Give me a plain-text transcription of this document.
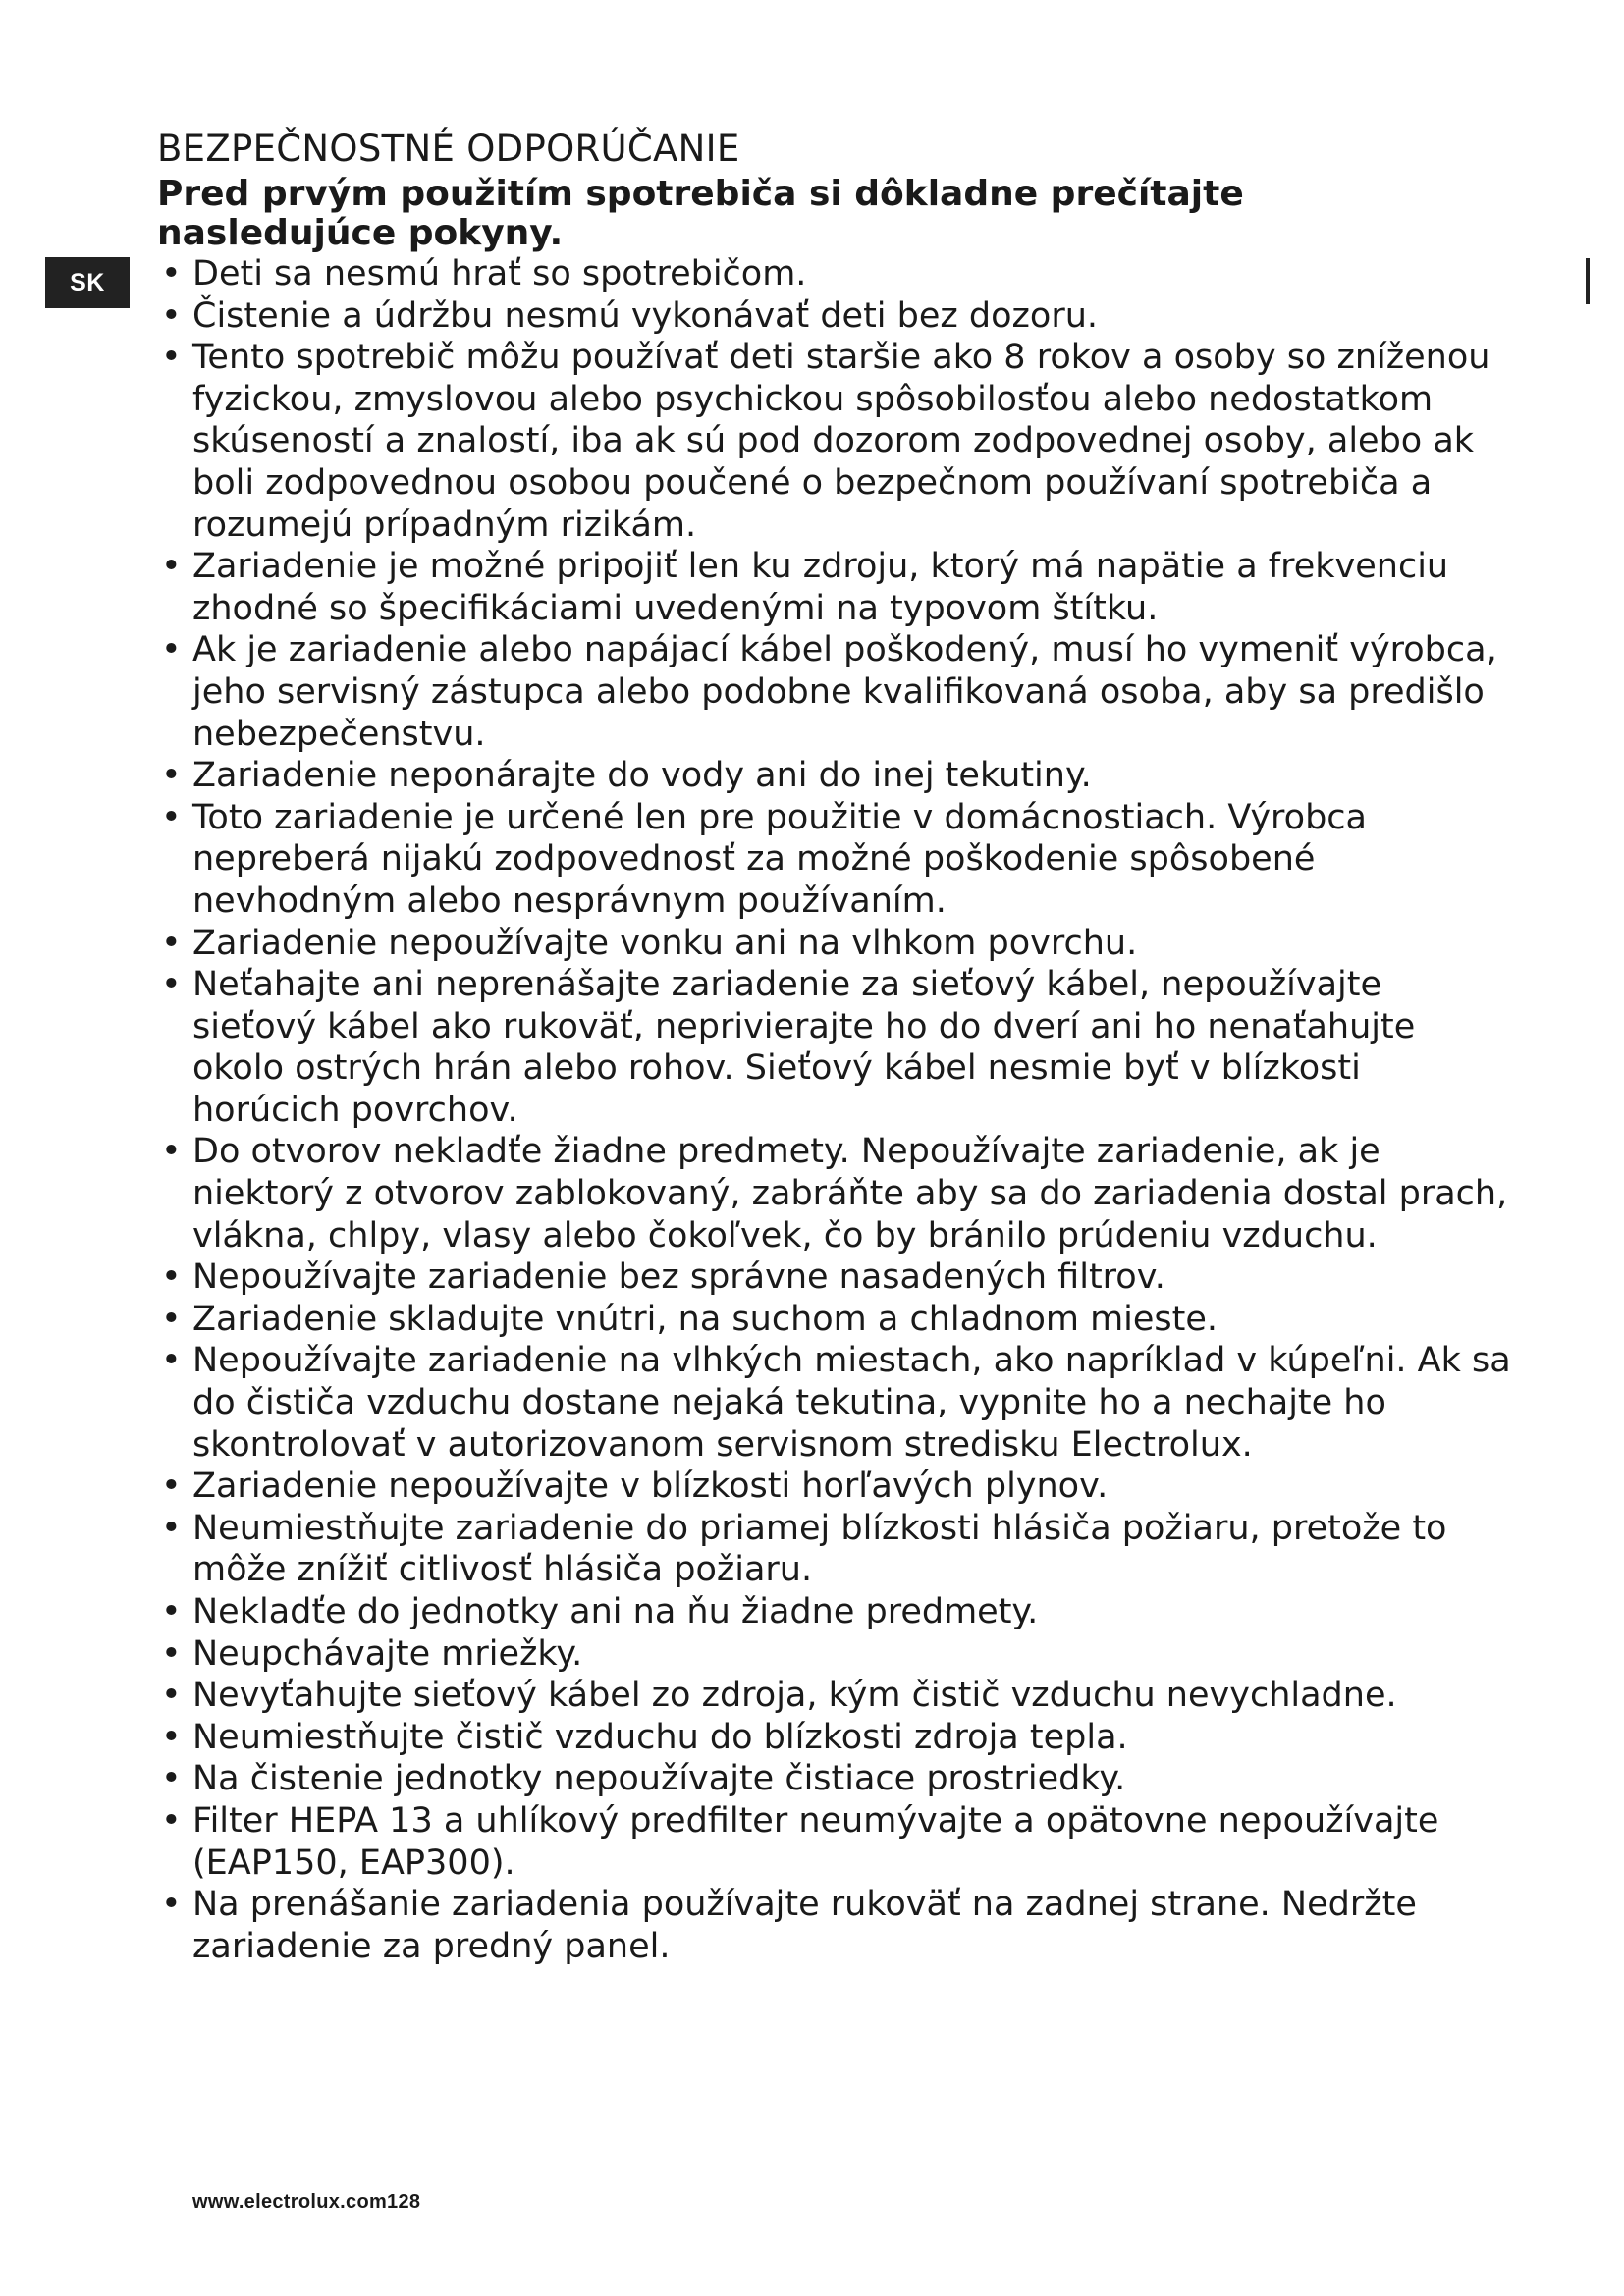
SK
BEZPEČNOSTNÉ ODPORÚČANIE

Pred prvým použitím spotrebiča si dôkladne prečítajte nasledujúce pokyny.

• Deti sa nesmú hrať so spotrebičom.
• Čistenie a údržbu nesmú vykonávať deti bez dozoru.
• Tento spotrebič môžu používať deti staršie ako 8 rokov a osoby so zníženou fyzickou, zmyslovou alebo psychickou spôsobilosťou alebo nedostatkom skúseností a znalostí, iba ak sú pod dozorom zodpovednej osoby, alebo ak boli zodpovednou osobou poučené o bezpečnom používaní spotrebiča a rozumejú prípadným rizikám.
• Zariadenie je možné pripojiť len ku zdroju, ktorý má napätie a frekvenciu zhodné so špecifikáciami uvedenými na typovom štítku.
• Ak je zariadenie alebo napájací kábel poškodený, musí ho vymeniť výrobca, jeho servisný zástupca alebo podobne kvalifikovaná osoba, aby sa predišlo nebezpečenstvu.
• Zariadenie neponárajte do vody ani do inej tekutiny.
• Toto zariadenie je určené len pre použitie v domácnostiach. Výrobca nepreberá nijakú zodpovednosť za možné poškodenie spôsobené nevhodným alebo nesprávnym používaním.
• Zariadenie nepoužívajte vonku ani na vlhkom povrchu.
• Neťahajte ani neprenášajte zariadenie za sieťový kábel, nepoužívajte sieťový kábel ako rukoväť, neprivierajte ho do dverí ani ho nenaťahujte okolo ostrých hrán alebo rohov. Sieťový kábel nesmie byť v blízkosti horúcich povrchov.
• Do otvorov nekladťe žiadne predmety. Nepoužívajte zariadenie, ak je niektorý z otvorov zablokovaný, zabráňte aby sa do zariadenia dostal prach, vlákna, chlpy, vlasy alebo čokoľvek, čo by bránilo prúdeniu vzduchu.
• Nepoužívajte zariadenie bez správne nasadených filtrov.
• Zariadenie skladujte vnútri, na suchom a chladnom mieste.
• Nepoužívajte zariadenie na vlhkých miestach, ako napríklad v kúpeľni. Ak sa do čističa vzduchu dostane nejaká tekutina, vypnite ho a nechajte ho skontrolovať v autorizovanom servisnom stredisku Electrolux.
• Zariadenie nepoužívajte v blízkosti horľavých plynov.
• Neumiestňujte zariadenie do priamej blízkosti hlásiča požiaru, pretože to môže znížiť citlivosť hlásiča požiaru.
• Nekladťe do jednotky ani na ňu žiadne predmety.
• Neupchávajte mriežky.
• Nevyťahujte sieťový kábel zo zdroja, kým čistič vzduchu nevychladne.
• Neumiestňujte čistič vzduchu do blízkosti zdroja tepla.
• Na čistenie jednotky nepoužívajte čistiace prostriedky.
• Filter HEPA 13 a uhlíkový predfilter neumývajte a opätovne nepoužívajte (EAP150, EAP300).
• Na prenášanie zariadenia používajte rukoväť na zadnej strane. Nedržte zariadenie za predný panel.
www.electrolux.com128
